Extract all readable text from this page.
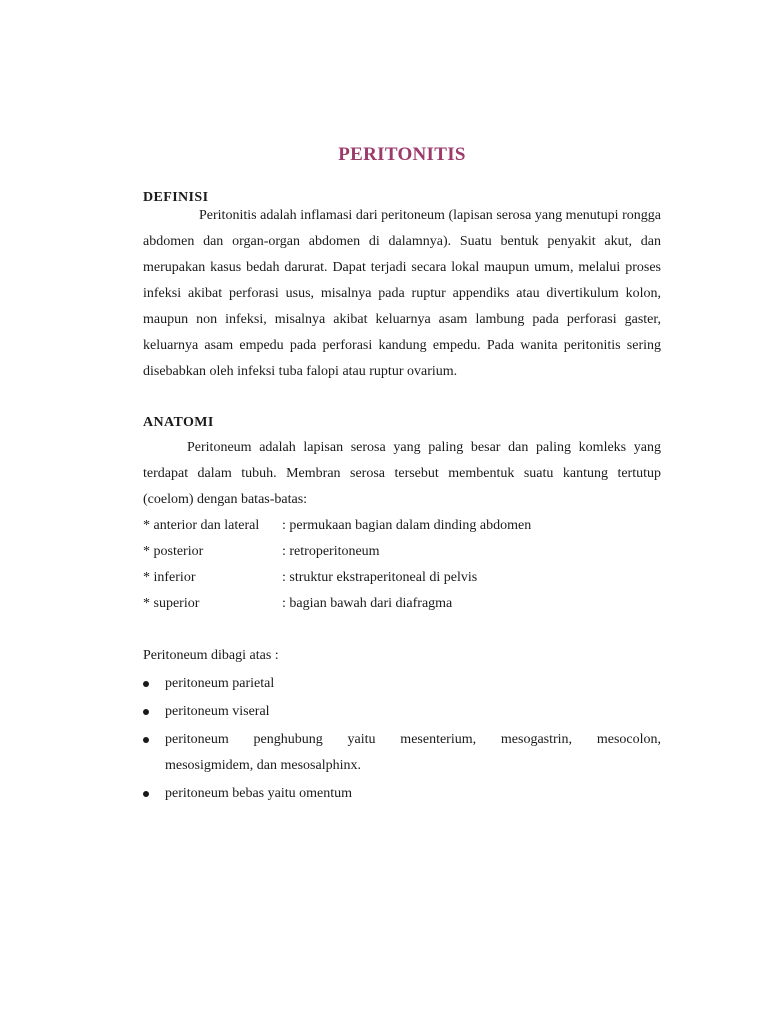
PERITONITIS
DEFINISI

Peritonitis adalah inflamasi dari peritoneum (lapisan serosa yang menutupi rongga abdomen dan organ-organ abdomen di dalamnya). Suatu bentuk penyakit akut, dan merupakan kasus bedah darurat. Dapat terjadi secara lokal maupun umum, melalui proses infeksi akibat perforasi usus, misalnya pada ruptur appendiks atau divertikulum kolon, maupun non infeksi, misalnya akibat keluarnya asam lambung pada perforasi gaster, keluarnya asam empedu pada perforasi kandung empedu. Pada wanita peritonitis sering disebabkan oleh infeksi tuba falopi atau ruptur ovarium.

ANATOMI

Peritoneum adalah lapisan serosa yang paling besar dan paling komleks yang terdapat dalam tubuh. Membran serosa tersebut membentuk suatu kantung tertutup (coelom) dengan batas-batas:

* anterior dan lateral : permukaan bagian dalam dinding abdomen
* posterior	: retroperitoneum
* inferior	: struktur ekstraperitoneal di pelvis
* superior	: bagian bawah dari diafragma
Peritoneum dibagi atas :
peritoneum parietal
peritoneum viseral
peritoneum penghubung yaitu mesenterium, mesogastrin, mesocolon,
mesosigmidem, dan mesosalphinx.
peritoneum bebas yaitu omentum
